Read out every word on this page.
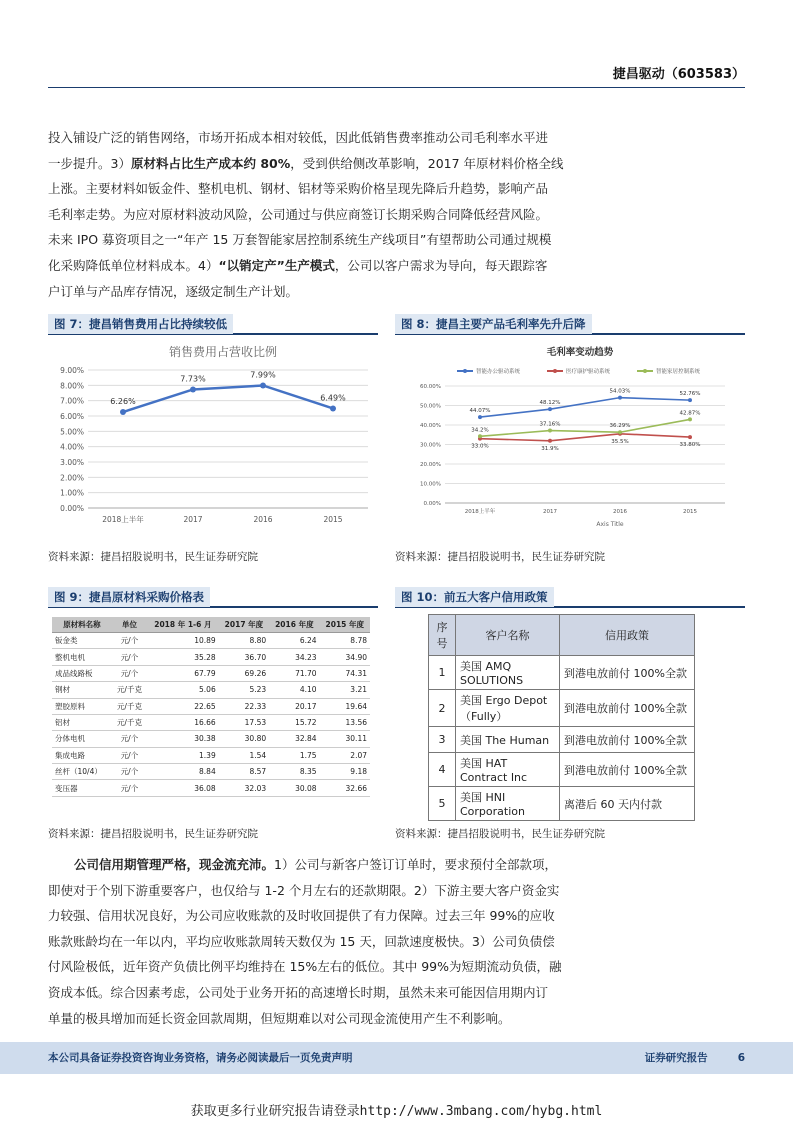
捷昌驱动（603583）
投入铺设广泛的销售网络，市场开拓成本相对较低，因此低销售费率推动公司毛利率水平进
一步提升。3）原材料占比生产成本约 80%，受到供给侧改革影响，2017 年原材料价格全线
上涨。主要材料如钣金件、整机电机、钢材、铝材等采购价格呈现先降后升趋势，影响产品
毛利率走势。为应对原材料波动风险，公司通过与供应商签订长期采购合同降低经营风险。
未来 IPO 募资项目之一“年产 15 万套智能家居控制系统生产线项目”有望帮助公司通过规模
化采购降低单位材料成本。4）“以销定产”生产模式，公司以客户需求为导向，每天跟踪客
户订单与产品库存情况，逐级定制生产计划。
图 7：捷昌销售费用占比持续较低
销售费用占营收比例
0.00%
1.00%
2.00%
3.00%
4.00%
5.00%
6.00%
7.00%
8.00%
9.00%
2018上半年	2017	2016	2015
6.26%
7.73%	7.99%
6.49%
资料来源：捷昌招股说明书，民生证券研究院
图 8：捷昌主要产品毛利率先升后降
毛利率变动趋势
智能办公驱动系统	医疗康护驱动系统	智能家居控制系统
0.00%
10.00%
20.00%
30.00%
40.00%
50.00%
60.00%
2018上半年	2017	2016	2015
44.07%
48.12%
54.03%	52.76%
33.0%	31.9%
35.5%
33.80%
34.2%
37.16%	36.29%
42.87%
Axis Title
资料来源：捷昌招股说明书，民生证券研究院
图 9：捷昌原材料采购价格表
原材料名称	单位	2018 年 1-6 月	2017 年度	2016 年度	2015 年度
钣金类	元/个	10.89	8.80	6.24	8.78
整机电机	元/个	35.28	36.70	34.23	34.90
成品线路板	元/个	67.79	69.26	71.70	74.31
钢材	元/千克	5.06	5.23	4.10	3.21
塑胶原料	元/千克	22.65	22.33	20.17	19.64
铝材	元/千克	16.66	17.53	15.72	13.56
分体电机	元/个	30.38	30.80	32.84	30.11
集成电路	元/个	1.39	1.54	1.75	2.07
丝杆（10/4）	元/个	8.84	8.57	8.35	9.18
变压器	元/个	36.08	32.03	30.08	32.66
资料来源：捷昌招股说明书，民生证券研究院
图 10：前五大客户信用政策
序号	客户名称	信用政策
1	美国 AMQ SOLUTIONS	到港电放前付 100%全款
2	美国 Ergo Depot（Fully）	到港电放前付 100%全款
3	美国 The Human	到港电放前付 100%全款
4	美国 HAT Contract Inc	到港电放前付 100%全款
5	美国 HNI Corporation	离港后 60 天内付款
资料来源：捷昌招股说明书，民生证券研究院
公司信用期管理严格，现金流充沛。1）公司与新客户签订订单时，要求预付全部款项，
即使对于个别下游重要客户，也仅给与 1-2 个月左右的还款期限。2）下游主要大客户资金实
力较强、信用状况良好，为公司应收账款的及时收回提供了有力保障。过去三年 99%的应收
账款账龄均在一年以内，平均应收账款周转天数仅为 15 天，回款速度极快。3）公司负债偿
付风险极低，近年资产负债比例平均维持在 15%左右的低位。其中 99%为短期流动负债，融
资成本低。综合因素考虑，公司处于业务开拓的高速增长时期，虽然未来可能因信用期内订
单量的极具增加而延长资金回款周期，但短期难以对公司现金流使用产生不利影响。
本公司具备证券投资咨询业务资格，请务必阅读最后一页免责声明	证券研究报告	6
获取更多行业研究报告请登录http://www.3mbang.com/hybg.html
